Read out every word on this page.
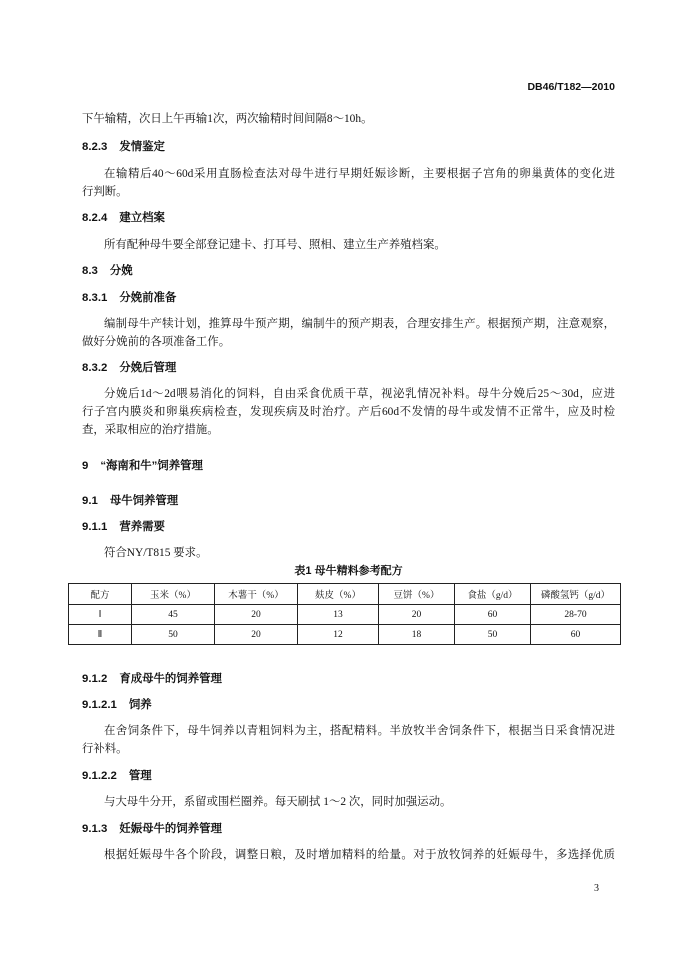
DB46/T182—2010
下午输精，次日上午再输1次，两次输精时间间隔8～10h。
8.2.3 发情鉴定
在输精后40～60d采用直肠检查法对母牛进行早期妊娠诊断，主要根据子宫角的卵巢黄体的变化进
行判断。
8.2.4 建立档案
所有配种母牛要全部登记建卡、打耳号、照相、建立生产养殖档案。
8.3 分娩
8.3.1 分娩前准备
编制母牛产犊计划，推算母牛预产期，编制牛的预产期表，合理安排生产。根据预产期，注意观察，
做好分娩前的各项准备工作。
8.3.2 分娩后管理
分娩后1d～2d喂易消化的饲料，自由采食优质干草，视泌乳情况补料。母牛分娩后25～30d，应进
行子宫内膜炎和卵巢疾病检查，发现疾病及时治疗。产后60d不发情的母牛或发情不正常牛，应及时检
查，采取相应的治疗措施。
9 “海南和牛”饲养管理
9.1 母牛饲养管理
9.1.1 营养需要
符合NY/T815 要求。
表1 母牛精料参考配方
配方	玉米（%）	木薯干（%）	麸皮（%）	豆饼（%）	食盐（g/d）	磷酸氢钙（g/d）
Ⅰ	45	20	13	20	60	28-70
Ⅱ	50	20	12	18	50	60
9.1.2 育成母牛的饲养管理
9.1.2.1 饲养
在舍饲条件下，母牛饲养以青粗饲料为主，搭配精料。半放牧半舍饲条件下，根据当日采食情况进
行补料。
9.1.2.2 管理
与大母牛分开，系留或围栏圈养。每天刷拭 1～2 次，同时加强运动。
9.1.3 妊娠母牛的饲养管理
根据妊娠母牛各个阶段，调整日粮，及时增加精料的给量。对于放牧饲养的妊娠母牛，多选择优质
3
